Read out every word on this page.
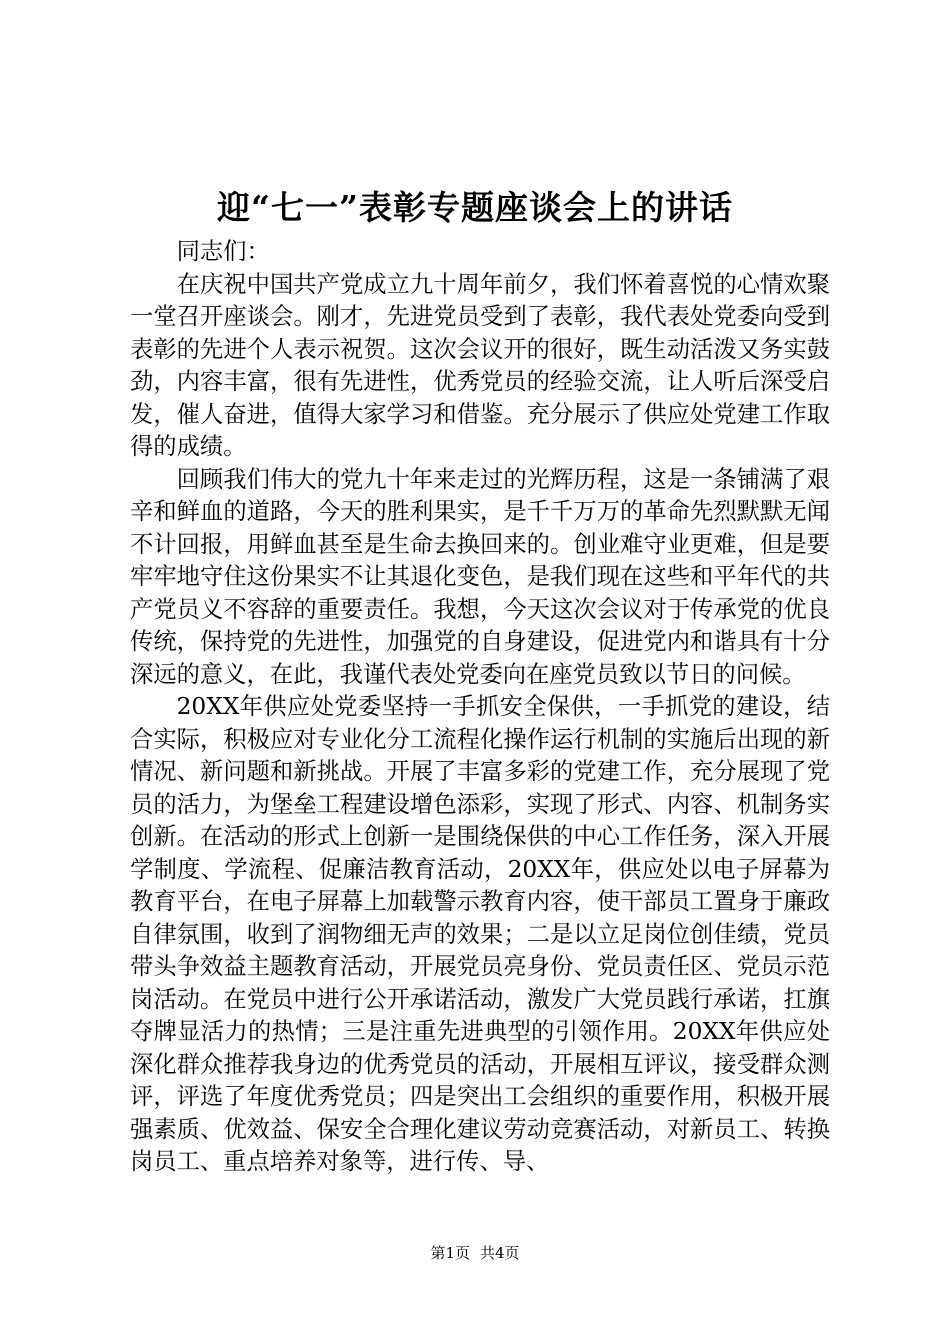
迎“七一”表彰专题座谈会上的讲话

同志们：

在庆祝中国共产党成立九十周年前夕，我们怀着喜悦的心情欢聚一堂召开座谈会。刚才，先进党员受到了表彰，我代表处党委向受到表彰的先进个人表示祝贺。这次会议开的很好，既生动活泼又务实鼓劲，内容丰富，很有先进性，优秀党员的经验交流，让人听后深受启发，催人奋进，值得大家学习和借鉴。充分展示了供应处党建工作取得的成绩。

回顾我们伟大的党九十年来走过的光辉历程，这是一条铺满了艰辛和鲜血的道路，今天的胜利果实，是千千万万的革命先烈默默无闻不计回报，用鲜血甚至是生命去换回来的。创业难守业更难，但是要牢牢地守住这份果实不让其退化变色，是我们现在这些和平年代的共产党员义不容辞的重要责任。我想，今天这次会议对于传承党的优良传统，保持党的先进性，加强党的自身建设，促进党内和谐具有十分深远的意义，在此，我谨代表处党委向在座党员致以节日的问候。

20XX年供应处党委坚持一手抓安全保供，一手抓党的建设，结合实际，积极应对专业化分工流程化操作运行机制的实施后出现的新情况、新问题和新挑战。开展了丰富多彩的党建工作，充分展现了党员的活力，为堡垒工程建设增色添彩，实现了形式、内容、机制务实创新。在活动的形式上创新一是围绕保供的中心工作任务，深入开展学制度、学流程、促廉洁教育活动，20XX年，供应处以电子屏幕为教育平台，在电子屏幕上加载警示教育内容，使干部员工置身于廉政自律氛围，收到了润物细无声的效果；二是以立足岗位创佳绩，党员带头争效益主题教育活动，开展党员亮身份、党员责任区、党员示范岗活动。在党员中进行公开承诺活动，激发广大党员践行承诺，扛旗夺牌显活力的热情；三是注重先进典型的引领作用。20XX年供应处深化群众推荐我身边的优秀党员的活动，开展相互评议，接受群众测评，评选了年度优秀党员；四是突出工会组织的重要作用，积极开展强素质、优效益、保安全合理化建议劳动竞赛活动，对新员工、转换岗员工、重点培养对象等，进行传、导、

第1页 共4页
